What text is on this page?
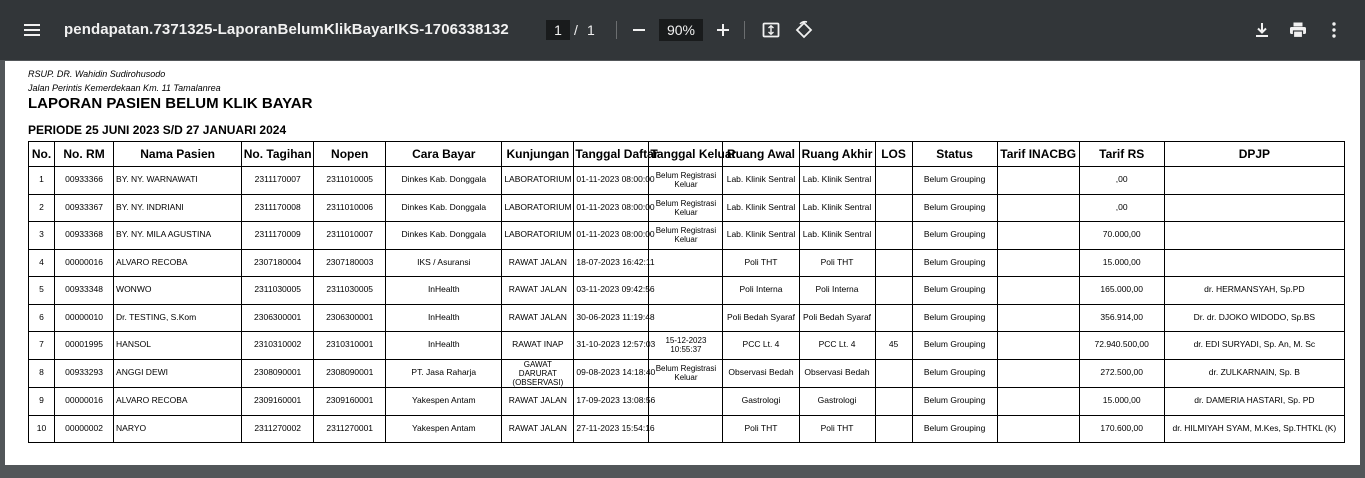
pendapatan.7371325-LaporanBelumKlikBayarIKS-1706338132	1 / 1	90%
RSUP. DR. Wahidin Sudirohusodo
Jalan Perintis Kemerdekaan Km. 11 Tamalanrea
LAPORAN PASIEN BELUM KLIK BAYAR
PERIODE 25 JUNI 2023 S/D 27 JANUARI 2024
No.	No. RM	Nama Pasien	No. Tagihan	Nopen	Cara Bayar	Kunjungan	Tanggal Daftar	Tanggal Keluar	Ruang Awal	Ruang Akhir	LOS	Status	Tarif INACBG	Tarif RS	DPJP
1	00933366	BY. NY. WARNAWATI	2311170007	2311010005	Dinkes Kab. Donggala	LABORATORIUM	01-11-2023 08:00:00	Belum Registrasi Keluar	Lab. Klinik Sentral	Lab. Klinik Sentral		Belum Grouping		,00	
2	00933367	BY. NY. INDRIANI	2311170008	2311010006	Dinkes Kab. Donggala	LABORATORIUM	01-11-2023 08:00:00	Belum Registrasi Keluar	Lab. Klinik Sentral	Lab. Klinik Sentral		Belum Grouping		,00	
3	00933368	BY. NY. MILA AGUSTINA	2311170009	2311010007	Dinkes Kab. Donggala	LABORATORIUM	01-11-2023 08:00:00	Belum Registrasi Keluar	Lab. Klinik Sentral	Lab. Klinik Sentral		Belum Grouping		70.000,00	
4	00000016	ALVARO RECOBA	2307180004	2307180003	IKS / Asuransi	RAWAT JALAN	18-07-2023 16:42:11		Poli THT	Poli THT		Belum Grouping		15.000,00	
5	00933348	WONWO	2311030005	2311030005	InHealth	RAWAT JALAN	03-11-2023 09:42:56		Poli Interna	Poli Interna		Belum Grouping		165.000,00	dr. HERMANSYAH, Sp.PD
6	00000010	Dr. TESTING, S.Kom	2306300001	2306300001	InHealth	RAWAT JALAN	30-06-2023 11:19:48		Poli Bedah Syaraf	Poli Bedah Syaraf		Belum Grouping		356.914,00	Dr. dr. DJOKO WIDODO, Sp.BS
7	00001995	HANSOL	2310310002	2310310001	InHealth	RAWAT INAP	31-10-2023 12:57:03	15-12-2023 10:55:37	PCC Lt. 4	PCC Lt. 4	45	Belum Grouping		72.940.500,00	dr. EDI SURYADI, Sp. An, M. Sc
8	00933293	ANGGI DEWI	2308090001	2308090001	PT. Jasa Raharja	GAWAT DARURAT (OBSERVASI)	09-08-2023 14:18:40	Belum Registrasi Keluar	Observasi Bedah	Observasi Bedah		Belum Grouping		272.500,00	dr. ZULKARNAIN, Sp. B
9	00000016	ALVARO RECOBA	2309160001	2309160001	Yakespen Antam	RAWAT JALAN	17-09-2023 13:08:56		Gastrologi	Gastrologi		Belum Grouping		15.000,00	dr. DAMERIA HASTARI, Sp. PD
10	00000002	NARYO	2311270002	2311270001	Yakespen Antam	RAWAT JALAN	27-11-2023 15:54:16		Poli THT	Poli THT		Belum Grouping		170.600,00	dr. HILMIYAH SYAM, M.Kes, Sp.THTKL (K)
